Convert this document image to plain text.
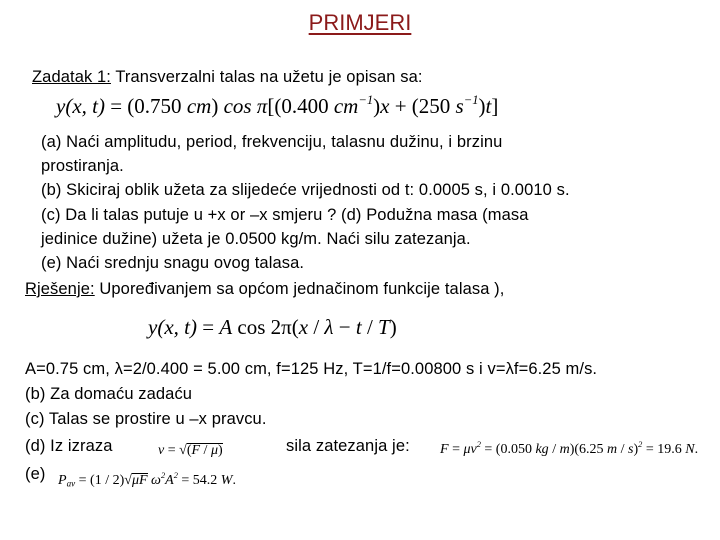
PRIMJERI
Zadatak 1: Transverzalni talas na užetu je opisan sa:
y(x, t) = (0.750 cm) cos π[(0.400 $cm^{-1})x + (250$ $s^{-1})t$]
(a) Naći amplitudu, period, frekvenciju, talasnu dužinu, i brzinu
prostiranja.
(b) Skiciraj oblik užeta za slijedeće vrijednosti od t: 0.0005 s, i 0.0010 s.
(c) Da li talas putuje u +x or –x smjeru ? (d) Podužna masa (masa
jedinice dužine) užeta je 0.0500 kg/m. Naći silu zatezanja.
(e) Naći srednju snagu ovog talasa.
Rješenje: Upoređivanjem sa općom jednačinom funkcije talasa ),
y(x, t) = A cos 2π(x / λ − t / T)
A=0.75 cm, λ=2/0.400 = 5.00 cm, f=125 Hz, T=1/f=0.00800 s i v=λf=6.25 m/s.
(b) Za domaću zadaću
(c) Talas se prostire u –x pravcu.
(d) Iz izraza	v = √(F / μ)	sila zatezanja je: $F = \mu v^2 = (0.050$ kg / m)(6.25 m / s)$^2$ = 19.6 N.
(e) $P_{av} = (1 / 2)√\mu F$ $\omega^2A^2 = 54.2$ W.
